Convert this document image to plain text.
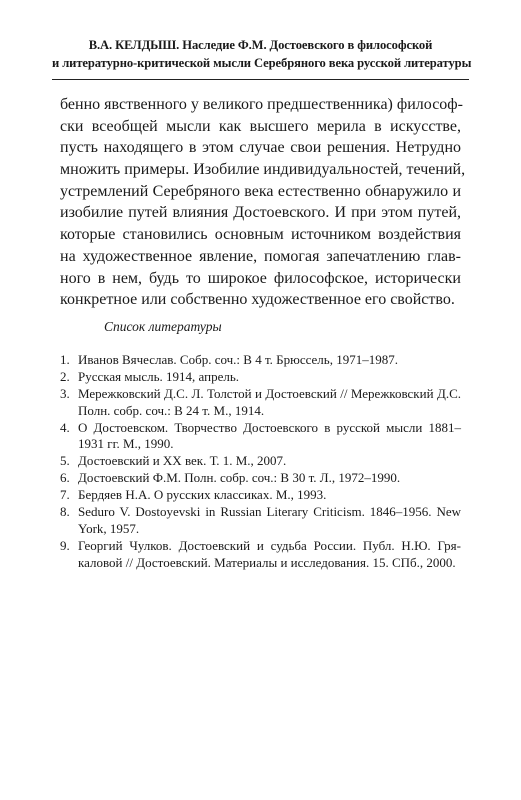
В.А. КЕЛДЫШ. Наследие Ф.М. Достоевского в философской
и литературно-критической мысли Серебряного века русской литературы
бенно явственного у великого предшественника) философ-
ски всеобщей мысли как высшего мерила в искусстве,
пусть находящего в этом случае свои решения. Нетрудно
множить примеры. Изобилие индивидуальностей, течений,
устремлений Серебряного века естественно обнаружило и
изобилие путей влияния Достоевского. И при этом путей,
которые становились основным источником воздействия
на художественное явление, помогая запечатлению глав-
ного в нем, будь то широкое философское, исторически
конкретное или собственно художественное его свойство.
Список литературы
1. Иванов Вячеслав. Собр. соч.: В 4 т. Брюссель, 1971–1987.
2. Русская мысль. 1914, апрель.
3. Мережковский Д.С. Л. Толстой и Достоевский // Мережковский Д.С.
Полн. собр. соч.: В 24 т. М., 1914.
4. О Достоевском. Творчество Достоевского в русской мысли 1881–
1931 гг. М., 1990.
5. Достоевский и XX век. Т. 1. М., 2007.
6. Достоевский Ф.М. Полн. собр. соч.: В 30 т. Л., 1972–1990.
7. Бердяев Н.А. О русских классиках. М., 1993.
8. Seduro V. Dostoyevski in Russian Literary Criticism. 1846–1956. New
York, 1957.
9. Георгий Чулков. Достоевский и судьба России. Публ. Н.Ю. Гря-
каловой // Достоевский. Материалы и исследования. 15. СПб., 2000.
